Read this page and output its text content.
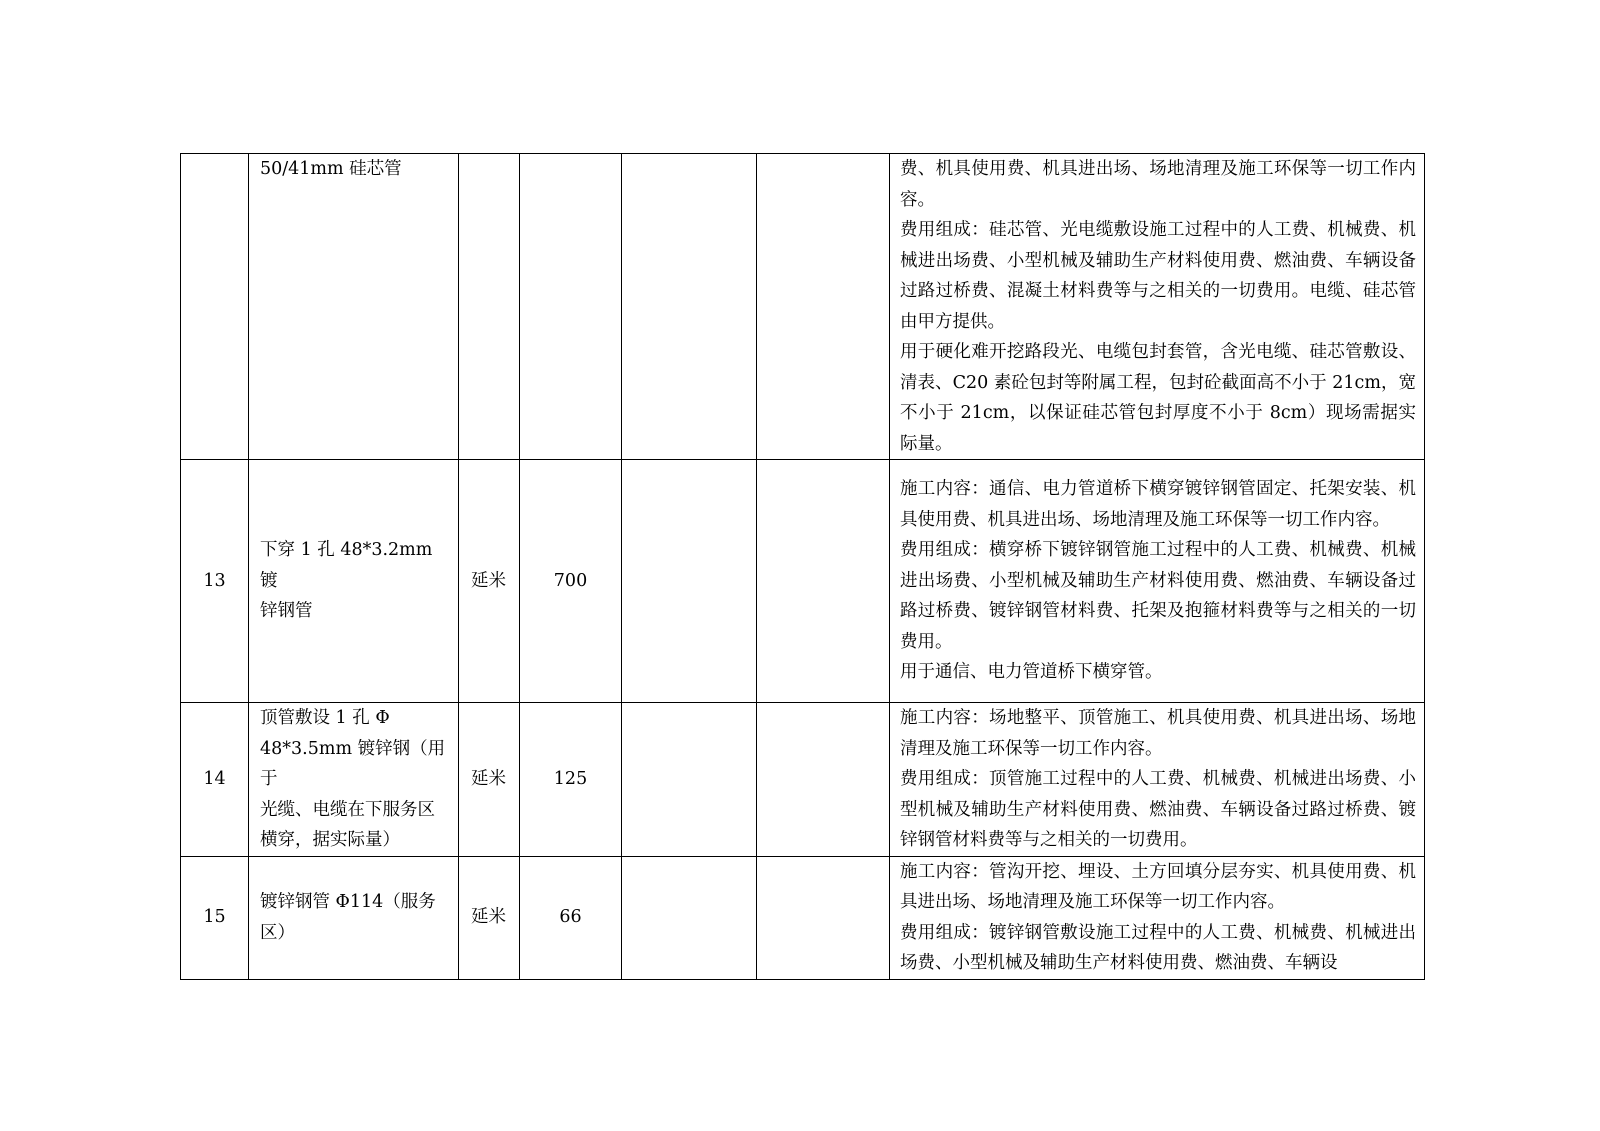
	50/41mm 硅芯管					费、机具使用费、机具进出场、场地清理及施工环保等一切工作内容。
费用组成：硅芯管、光电缆敷设施工过程中的人工费、机械费、机械进出场费、小型机械及辅助生产材料使用费、燃油费、车辆设备过路过桥费、混凝土材料费等与之相关的一切费用。电缆、硅芯管由甲方提供。
用于硬化难开挖路段光、电缆包封套管，含光电缆、硅芯管敷设、清表、C20 素砼包封等附属工程，包封砼截面高不小于 21cm，宽不小于 21cm，以保证硅芯管包封厚度不小于 8cm）现场需据实际量。

13	下穿 1 孔 48*3.2mm 镀
锌钢管	延米	700			施工内容：通信、电力管道桥下横穿镀锌钢管固定、托架安装、机具使用费、机具进出场、场地清理及施工环保等一切工作内容。
费用组成：横穿桥下镀锌钢管施工过程中的人工费、机械费、机械进出场费、小型机械及辅助生产材料使用费、燃油费、车辆设备过路过桥费、镀锌钢管材料费、托架及抱箍材料费等与之相关的一切费用。
用于通信、电力管道桥下横穿管。

14	顶管敷设 1 孔 Φ
48*3.5mm 镀锌钢（用于
光缆、电缆在下服务区
横穿，据实际量）	延米	125			施工内容：场地整平、顶管施工、机具使用费、机具进出场、场地清理及施工环保等一切工作内容。
费用组成：顶管施工过程中的人工费、机械费、机械进出场费、小型机械及辅助生产材料使用费、燃油费、车辆设备过路过桥费、镀锌钢管材料费等与之相关的一切费用。

15	镀锌钢管 Φ114（服务
区）	延米	66			施工内容：管沟开挖、埋设、土方回填分层夯实、机具使用费、机具进出场、场地清理及施工环保等一切工作内容。
费用组成：镀锌钢管敷设施工过程中的人工费、机械费、机械进出场费、小型机械及辅助生产材料使用费、燃油费、车辆设
